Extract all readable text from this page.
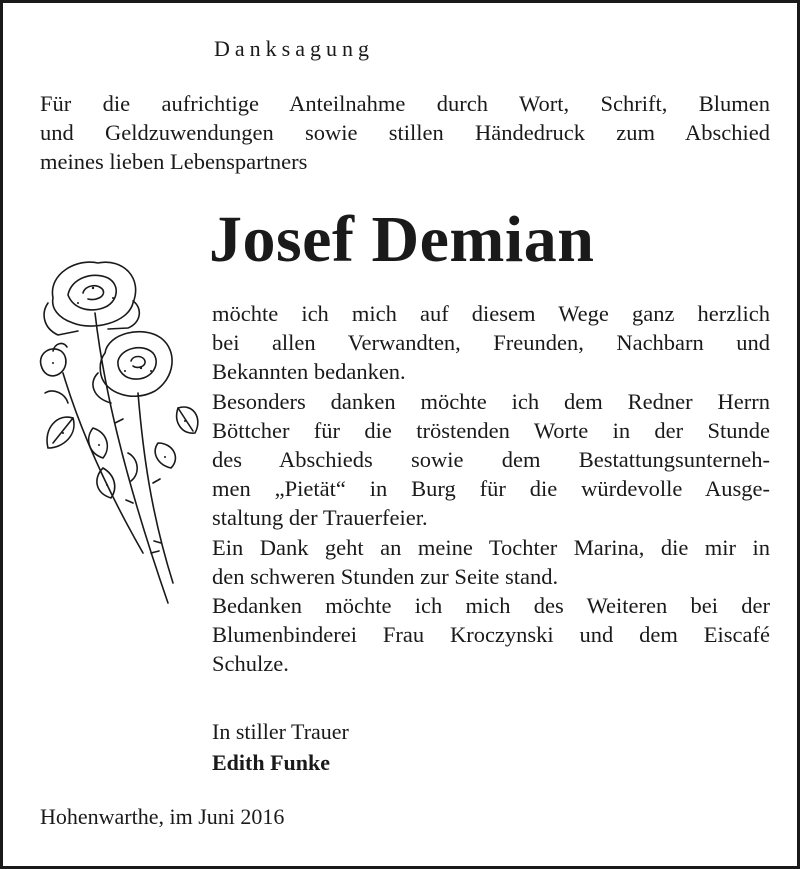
Danksagung
Für die aufrichtige Anteilnahme durch Wort, Schrift, Blumen
und Geldzuwendungen sowie stillen Händedruck zum Abschied
meines lieben Lebenspartners
Josef Demian
möchte ich mich auf diesem Wege ganz herzlich
bei allen Verwandten, Freunden, Nachbarn und
Bekannten bedanken.
Besonders danken möchte ich dem Redner Herrn
Böttcher für die tröstenden Worte in der Stunde
des Abschieds sowie dem Bestattungsunterneh-
men „Pietät“ in Burg für die würdevolle Ausge-
staltung der Trauerfeier.
Ein Dank geht an meine Tochter Marina, die mir in
den schweren Stunden zur Seite stand.
Bedanken möchte ich mich des Weiteren bei der
Blumenbinderei Frau Kroczynski und dem Eiscafé
Schulze.
In stiller Trauer
Edith Funke
Hohenwarthe, im Juni 2016
